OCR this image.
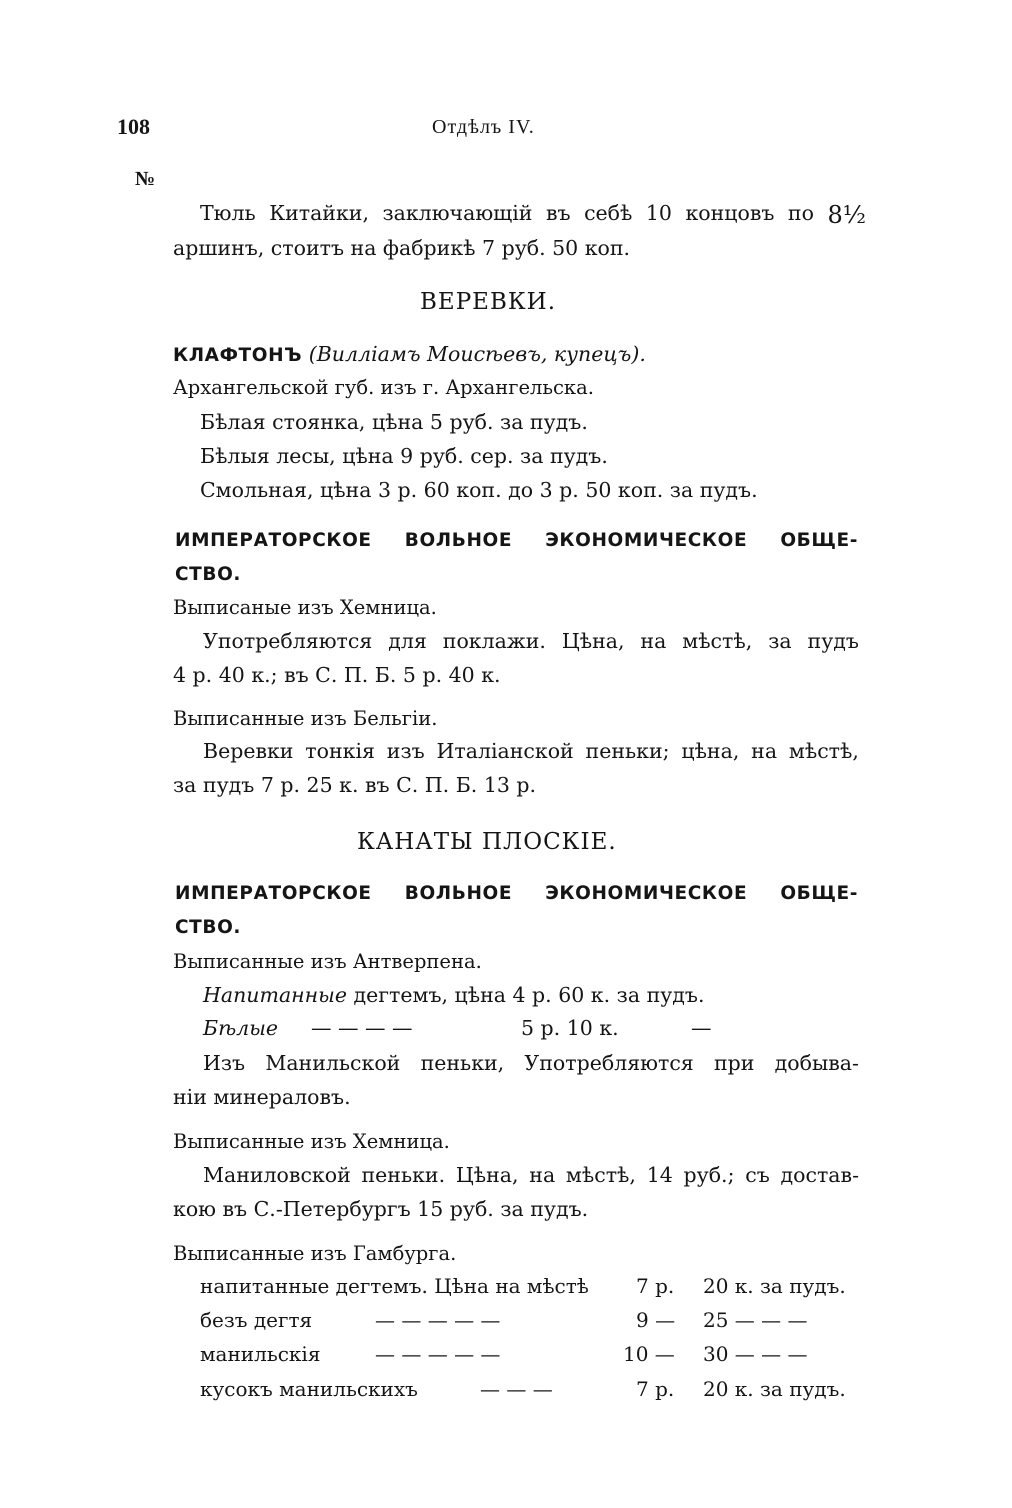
108	Отдѣлъ IV.
№
Тюль Китайки, заключающій въ себѣ 10 концовъ по 8½
аршинъ, стоитъ на фабрикѣ 7 руб. 50 коп.
ВЕРЕВКИ.
КЛАФТОНЪ (Вилліамъ Моисѣевъ, купецъ).
Архангельской губ. изъ г. Архангельска.
Бѣлая стоянка, цѣна 5 руб. за пудъ.
Бѣлыя лесы, цѣна 9 руб. сер. за пудъ.
Смольная, цѣна 3 р. 60 коп. до 3 р. 50 коп. за пудъ.
ИМПЕРАТОРСКОЕ ВОЛЬНОЕ ЭКОНОМИЧЕСКОЕ ОБЩЕ-
СТВО.
Выписаные изъ Хемница.
Употребляются для поклажи. Цѣна, на мѣстѣ, за пудъ
4 р. 40 к.; въ С. П. Б. 5 р. 40 к.
Выписанные изъ Бельгіи.
Веревки тонкія изъ Италіанской пеньки; цѣна, на мѣстѣ,
за пудъ 7 р. 25 к. въ С. П. Б. 13 р.
КАНАТЫ ПЛОСКІЕ.
ИМПЕРАТОРСКОЕ ВОЛЬНОЕ ЭКОНОМИЧЕСКОЕ ОБЩЕ-
СТВО.
Выписанные изъ Антверпена.
Напитанные дегтемъ, цѣна 4 р. 60 к. за пудъ.
Бѣлые — — — —	5 р. 10 к.	—
Изъ Манильской пеньки, Употребляются при добыва-
ніи минераловъ.
Выписанные изъ Хемница.
Маниловской пеньки. Цѣна, на мѣстѣ, 14 руб.; съ достав-
кою въ С.-Петербургъ 15 руб. за пудъ.
Выписанные изъ Гамбурга.
напитанные дегтемъ. Цѣна на мѣстѣ 7 р. 20 к. за пудъ.
безъ дегтя	— — — — —	9 — 25 — — —
манильскія	— — — — —	10 — 30 — — —
кусокъ манильскихъ	— — —	7 р. 20 к. за пудъ.
